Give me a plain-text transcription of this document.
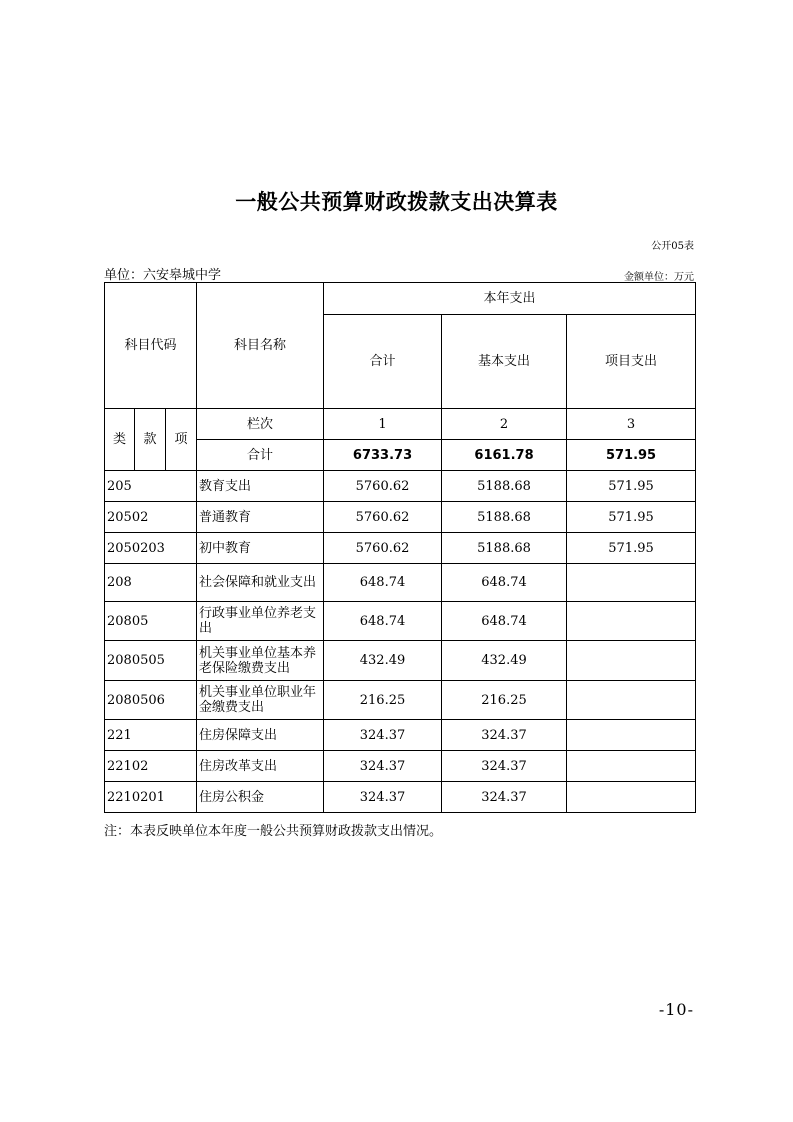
一般公共预算财政拨款支出决算表
公开05表
单位：六安皋城中学	金额单位：万元
科目代码			科目名称	本年支出		
				合计	基本支出	项目支出
类	款	项	栏次	1	2	3
			合计	6733.73	6161.78	571.95
205			教育支出	5760.62	5188.68	571.95
20502			普通教育	5760.62	5188.68	571.95
2050203			初中教育	5760.62	5188.68	571.95
208			社会保障和就业支出	648.74	648.74	
20805			行政事业单位养老支出	648.74	648.74	
2080505			机关事业单位基本养老保险缴费支出	432.49	432.49	
2080506			机关事业单位职业年金缴费支出	216.25	216.25	
221			住房保障支出	324.37	324.37	
22102			住房改革支出	324.37	324.37	
2210201			住房公积金	324.37	324.37	
注：本表反映单位本年度一般公共预算财政拨款支出情况。
-10-
